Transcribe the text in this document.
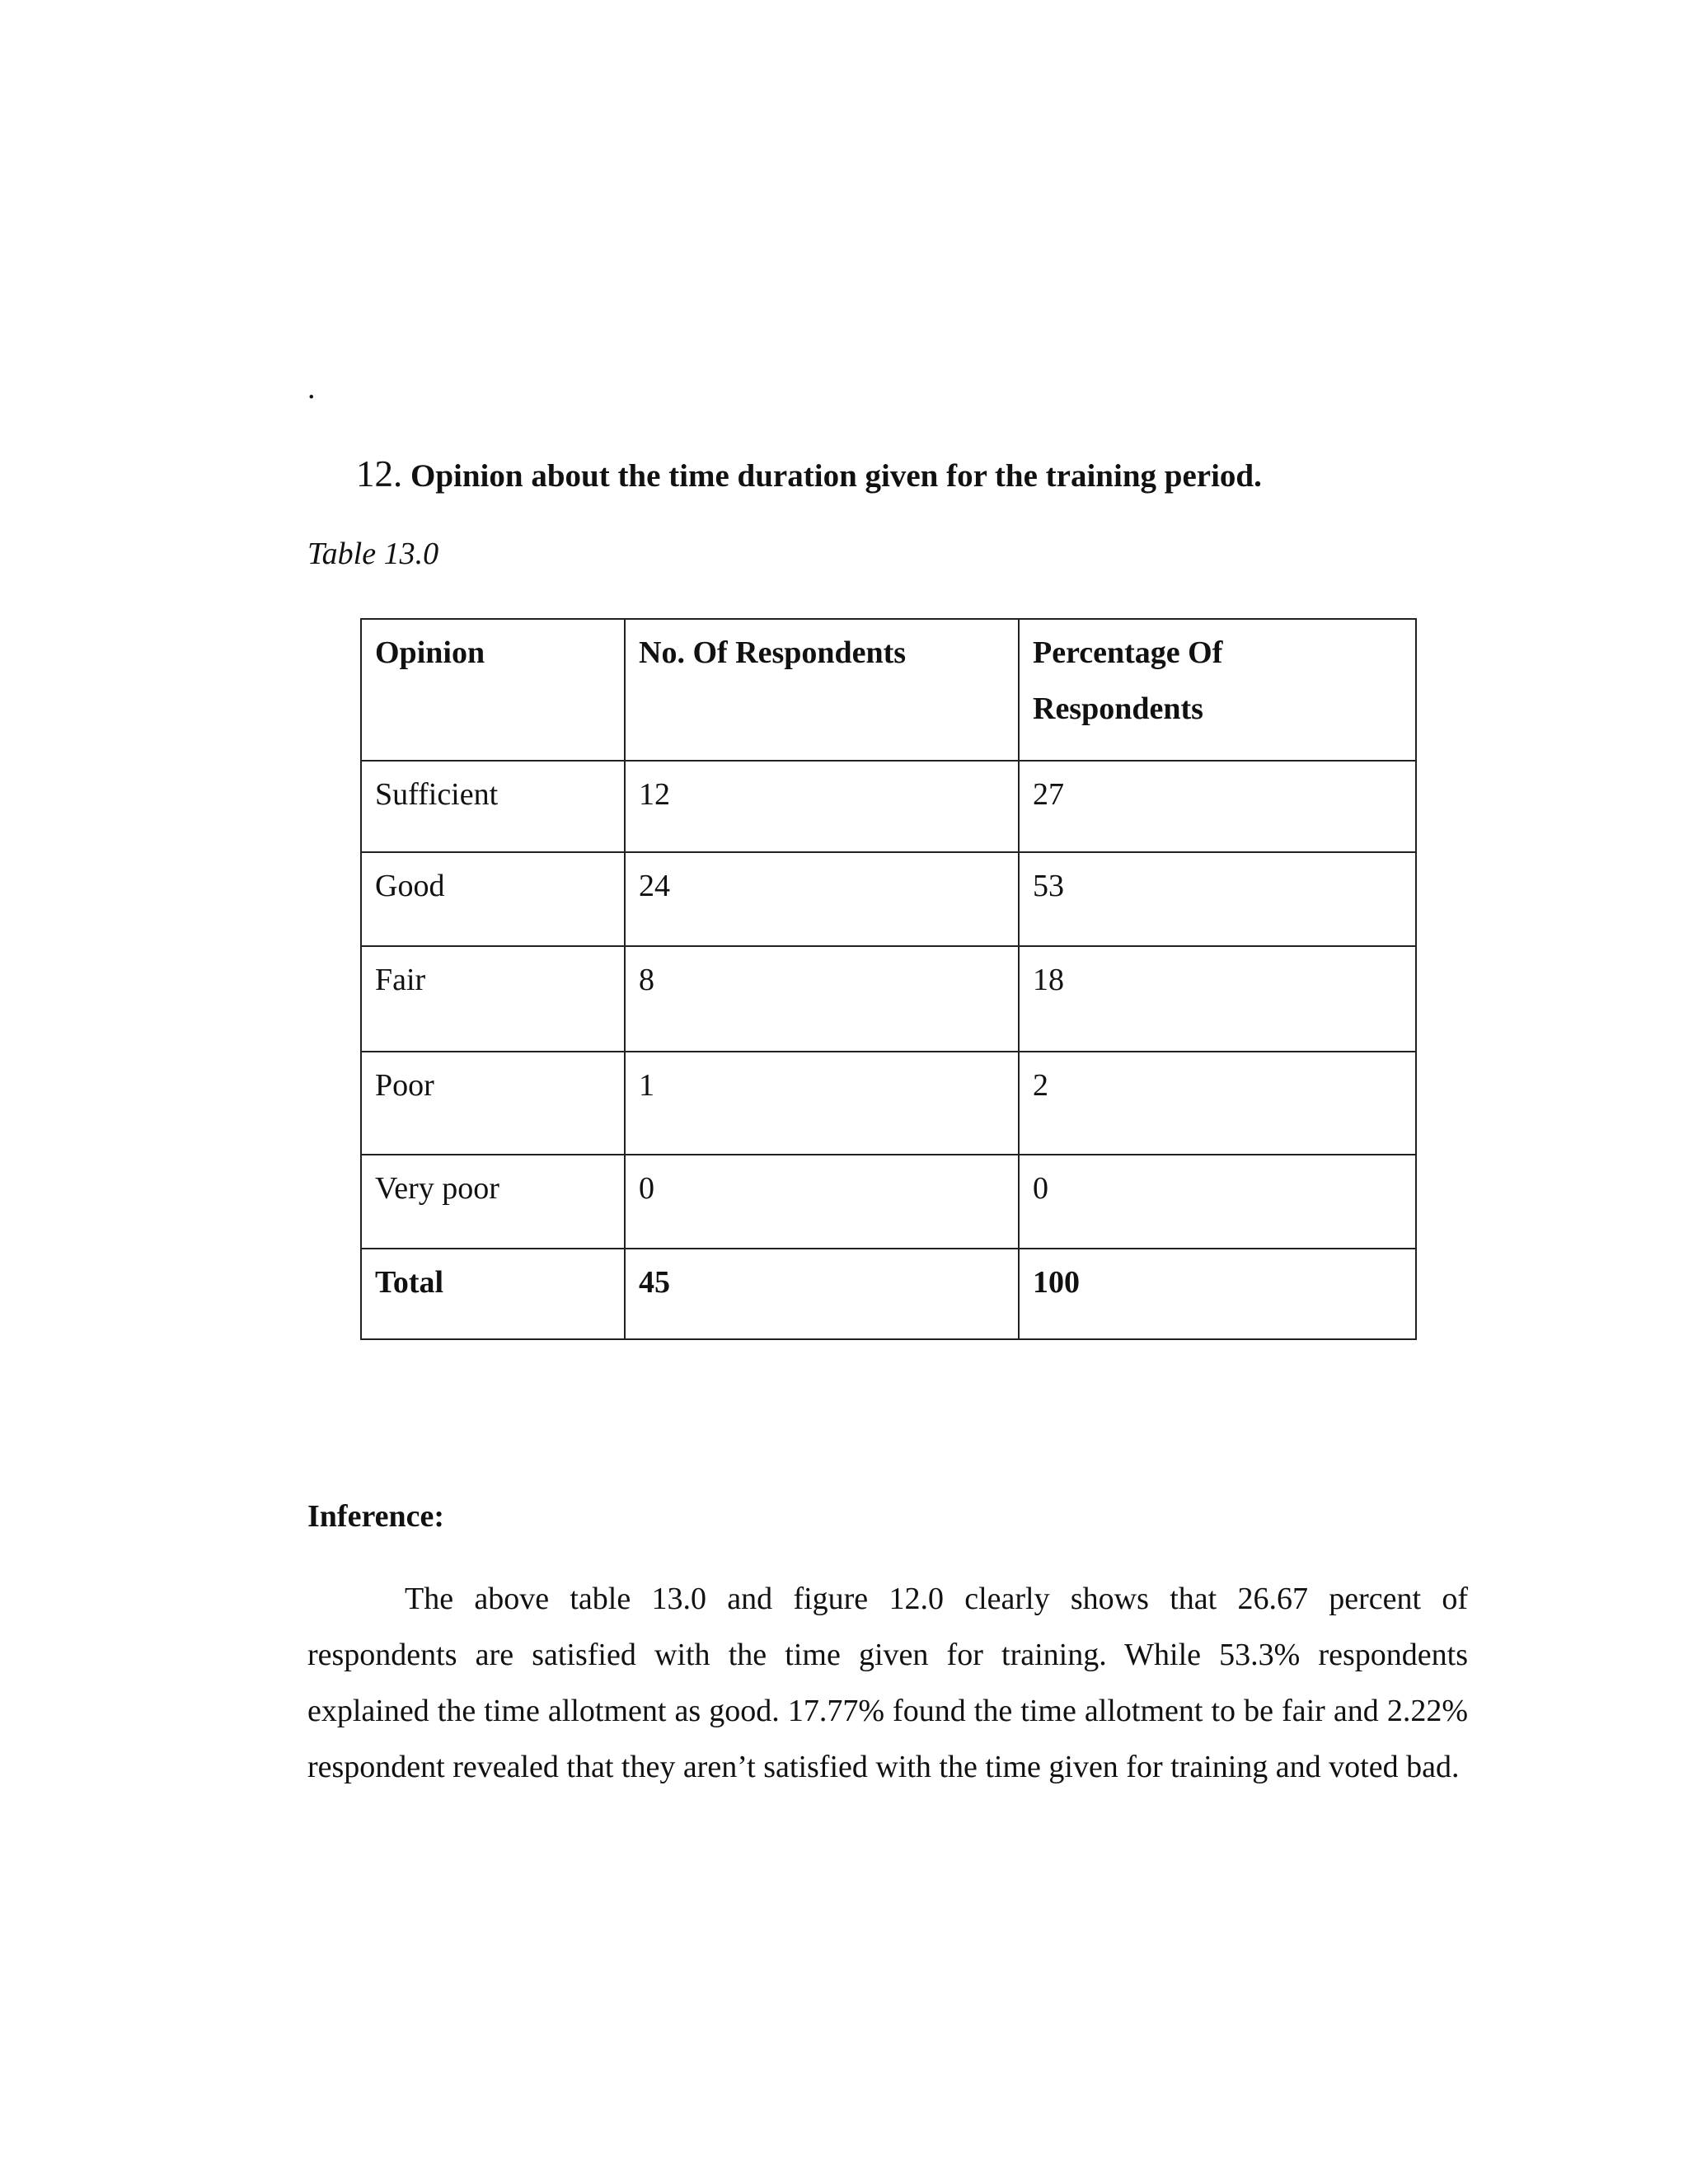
.
12. Opinion about the time duration given for the training period.
Table 13.0
Opinion	No. Of Respondents	Percentage Of
Respondents

Sufficient	12	27
Good	24	53
Fair	8	18
Poor	1	2
Very poor	0	0
Total	45	100
Inference:

The above table 13.0 and figure 12.0 clearly shows that 26.67 percent of respondents are satisfied with the time given for training. While 53.3% respondents explained the time allotment as good. 17.77% found the time allotment to be fair and 2.22% respondent revealed that they aren’t satisfied with the time given for training and voted bad.
